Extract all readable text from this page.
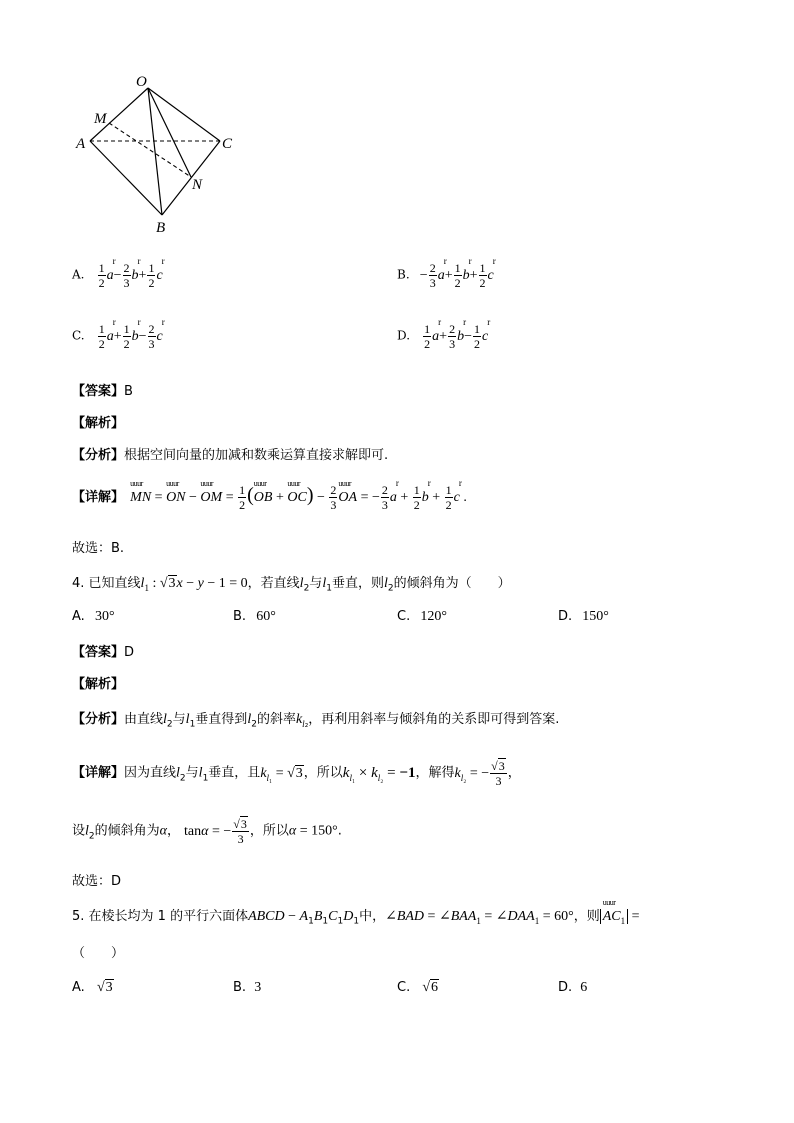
O
M
A	C
N
B
A. $\frac{1}{2}$ r $a- \frac{2}{3}$ r $b+ \frac{1}{2}$ r c	B. − $\frac{2}{3}$ r $a+ \frac{1}{2}$ r $b+ \frac{1}{2}$ r c
C. $\frac{1}{2}$ r $a+ \frac{1}{2}$ r $b- \frac{2}{3}$ r c	D. $\frac{1}{2}$ r $a+ \frac{2}{3}$ r $b- \frac{1}{2}$ r c
【答案】B
【解析】
【分析】根据空间向量的加减和数乘运算直接求解即可.
【详解】 uuur MN = uuur ON − uuur OM = $\frac{1}{2}$ (uuur OB + uuur $OC) - \frac{2}{3}$ uuur OA = − $\frac{2}{3}$ r $a + \frac{1}{2}$ r $b + \frac{1}{2}$ r c .
故选：B.
4. 已知直线$l_1$ : √3x − y − 1 = 0，若直线$l_2$与$l_1$垂直，则$l_2$的倾斜角为（　　）
A. 30°	B. 60°	C. 120°	D. 150°
【答案】D
【解析】
【分析】由直线$l_2$与$l_1$垂直得到$l_2$的斜率$k_{l_2}$，再利用斜率与倾斜角的关系即可得到答案.
【详解】因为直线$l_2$与$l_1$垂直，且$k_{l_1} = √3$，所以$k_{l_1} \times k_{l_2} = -1$，解得$k_{l_2}$ = − $\frac{√3}{3}$ ，
设$l_2$的倾斜角为α， tanα = − $\frac{√3}{3}$ ，所以α = 150°.
故选：D
5. 在棱长均为 1 的平行六面体ABCD − $A_1B_1C_1D_1$中，∠BAD = $\angle BAA_1$ = $\angle DAA_1 = 60^\circ$，则 uuur $AC_1$ =
（　　）
A. √3	B. 3	C. √6	D. 6
